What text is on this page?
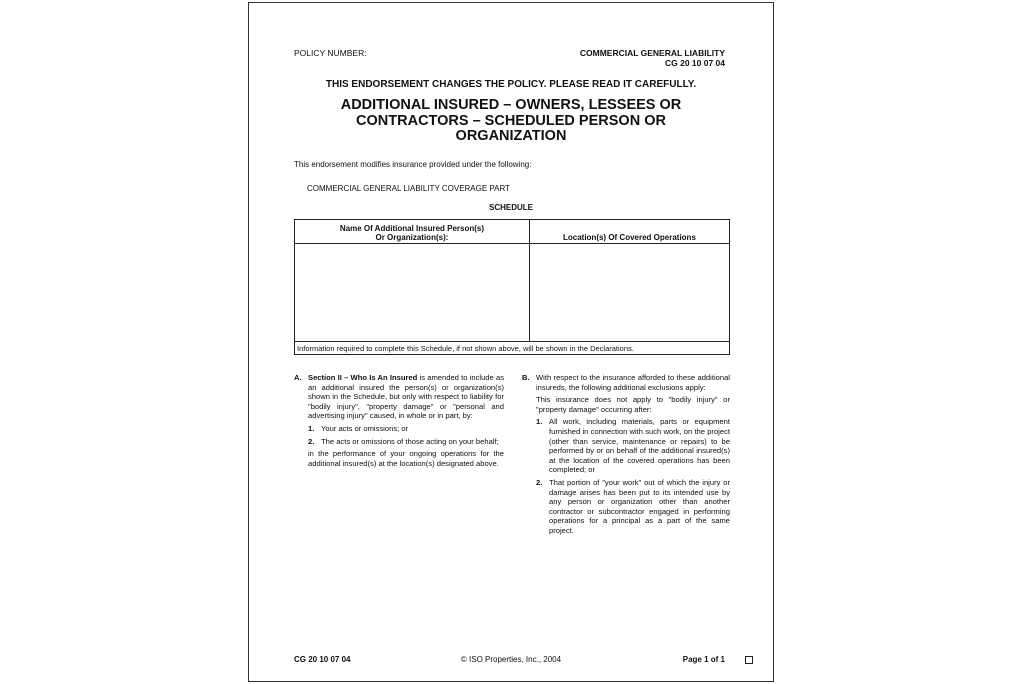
POLICY NUMBER:	COMMERCIAL GENERAL LIABILITY
CG 20 10 07 04
THIS ENDORSEMENT CHANGES THE POLICY. PLEASE READ IT CAREFULLY.
ADDITIONAL INSURED – OWNERS, LESSEES OR
CONTRACTORS – SCHEDULED PERSON OR
ORGANIZATION
This endorsement modifies insurance provided under the following:
COMMERCIAL GENERAL LIABILITY COVERAGE PART
SCHEDULE
Name Of Additional Insured Person(s)
Or Organization(s):	Location(s) Of Covered Operations

Information required to complete this Schedule, if not shown above, will be shown in the Declarations.	
A. Section II – Who Is An Insured is amended to include as an additional insured the person(s) or organization(s) shown in the Schedule, but only with respect to liability for "bodily injury", "property damage" or "personal and advertising injury" caused, in whole or in part, by:
1. Your acts or omissions; or
2. The acts or omissions of those acting on your behalf;
in the performance of your ongoing operations for the additional insured(s) at the location(s) designated above.
B. With respect to the insurance afforded to these additional insureds, the following additional exclusions apply:
This insurance does not apply to "bodily injury" or "property damage" occurring after:
1. All work, including materials, parts or equipment furnished in connection with such work, on the project (other than service, maintenance or repairs) to be performed by or on behalf of the additional insured(s) at the location of the covered operations has been completed; or
2. That portion of "your work" out of which the injury or damage arises has been put to its intended use by any person or organization other than another contractor or subcontractor engaged in performing operations for a principal as a part of the same project.
CG 20 10 07 04	© ISO Properties, Inc., 2004	Page 1 of 1
